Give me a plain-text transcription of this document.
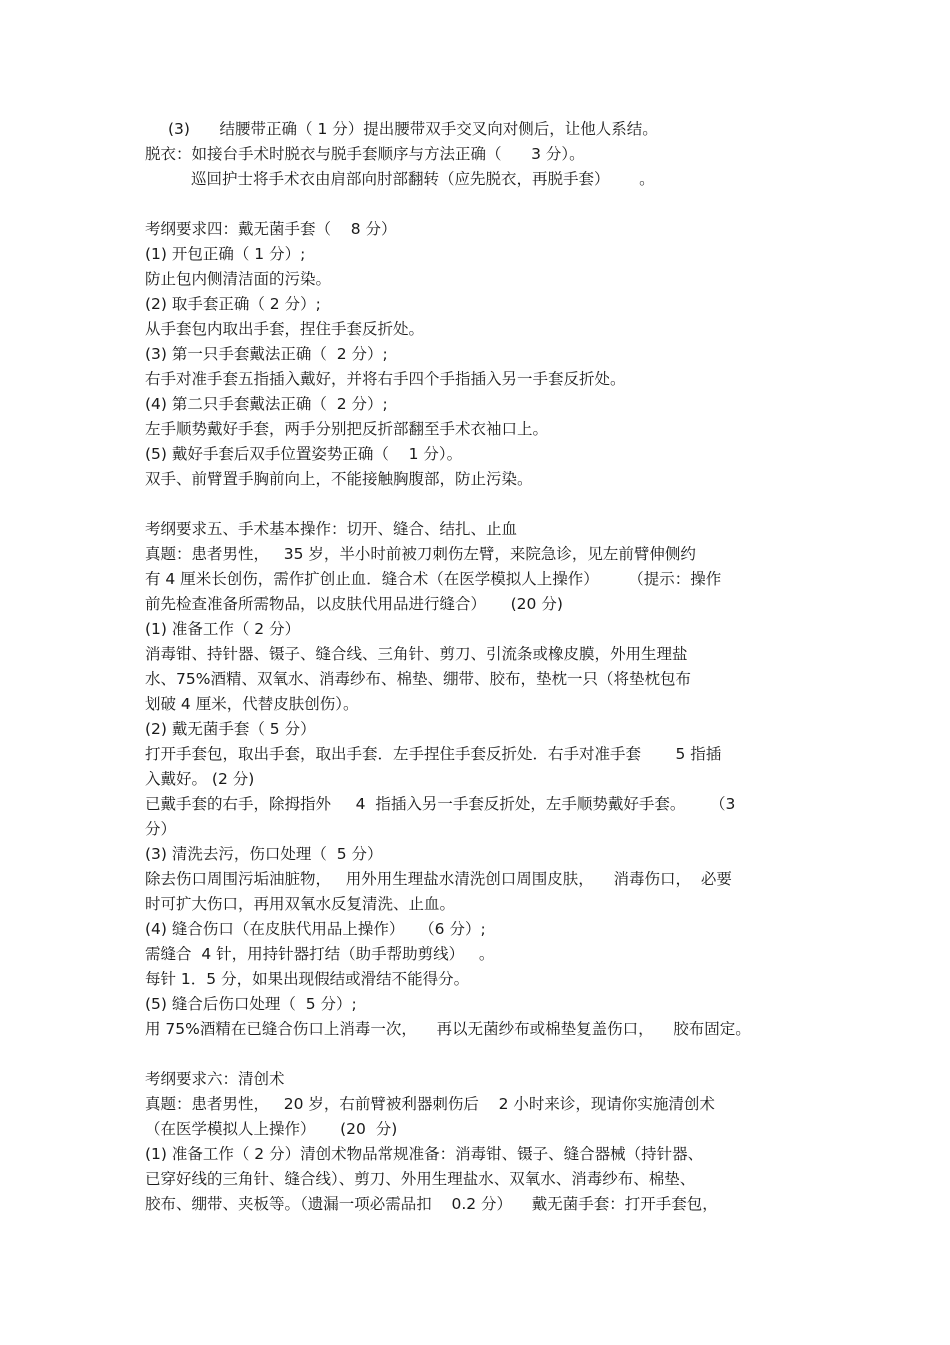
(3)      结腰带正确（ 1 分）提出腰带双手交叉向对侧后，让他人系结。
脱衣：如接台手术时脱衣与脱手套顺序与方法正确（      3 分）。
巡回护士将手术衣由肩部向肘部翻转（应先脱衣，再脱手套）      。
考纲要求四：戴无菌手套（    8 分）
(1) 开包正确（ 1 分）;
防止包内侧清洁面的污染。
(2) 取手套正确（ 2 分）;
从手套包内取出手套，捏住手套反折处。
(3) 第一只手套戴法正确（  2 分）;
右手对准手套五指插入戴好，并将右手四个手指插入另一手套反折处。
(4) 第二只手套戴法正确（  2 分）;
左手顺势戴好手套，两手分别把反折部翻至手术衣袖口上。
(5) 戴好手套后双手位置姿势正确（    1 分）。
双手、前臂置手胸前向上，不能接触胸腹部，防止污染。
考纲要求五、手术基本操作：切开、缝合、结扎、止血
真题：患者男性，   35 岁，半小时前被刀刺伤左臂，来院急诊，见左前臂伸侧约
有 4 厘米长创伤，需作扩创止血．缝合术（在医学模拟人上操作）      （提示：操作
前先检查准备所需物品，以皮肤代用品进行缝合）     (20 分)
(1) 准备工作（ 2 分）
消毒钳、持针器、镊子、缝合线、三角针、剪刀、引流条或橡皮膜，外用生理盐
水、75%酒精、双氧水、消毒纱布、棉垫、绷带、胶布，垫枕一只（将垫枕包布
划破 4 厘米，代替皮肤创伤）。
(2) 戴无菌手套（ 5 分）
打开手套包，取出手套，取出手套．左手捏住手套反折处．右手对准手套       5 指插
入戴好。 (2 分)
已戴手套的右手，除拇指外     4  指插入另一手套反折处，左手顺势戴好手套。     （3
分）
(3) 清洗去污，伤口处理（  5 分）
除去伤口周围污垢油脏物，   用外用生理盐水清洗创口周围皮肤，    消毒伤口，  必要
时可扩大伤口，再用双氧水反复清洗、止血。
(4) 缝合伤口（在皮肤代用品上操作）   （6 分）;
需缝合  4 针，用持针器打结（助手帮助剪线）   。
每针 1．5 分，如果出现假结或滑结不能得分。
(5) 缝合后伤口处理（  5 分）;
用 75%酒精在已缝合伤口上消毒一次，    再以无菌纱布或棉垫复盖伤口，    胶布固定。
考纲要求六：清创术
真题：患者男性，   20 岁，右前臂被利器刺伤后    2 小时来诊，现请你实施清创术
（在医学模拟人上操作）     (20  分)
(1) 准备工作（ 2 分）清创术物品常规准备：消毒钳、镊子、缝合器械（持针器、
已穿好线的三角针、缝合线）、剪刀、外用生理盐水、双氧水、消毒纱布、棉垫、
胶布、绷带、夹板等。（遗漏一项必需品扣    0.2 分）    戴无菌手套：打开手套包，
